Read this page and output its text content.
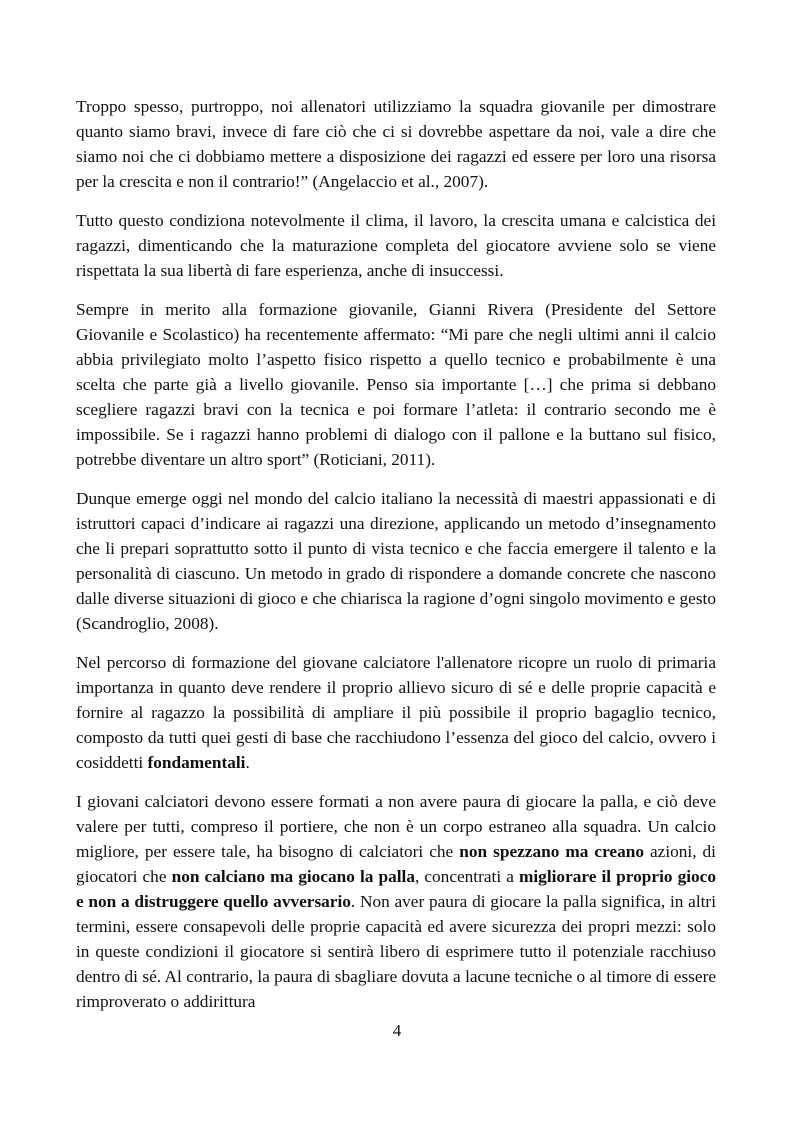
Troppo spesso, purtroppo, noi allenatori utilizziamo la squadra giovanile per dimostrare quanto siamo bravi, invece di fare ciò che ci si dovrebbe aspettare da noi, vale a dire che siamo noi che ci dobbiamo mettere a disposizione dei ragazzi ed essere per loro una risorsa per la crescita e non il contrario!” (Angelaccio et al., 2007).

Tutto questo condiziona notevolmente il clima, il lavoro, la crescita umana e calcistica dei ragazzi, dimenticando che la maturazione completa del giocatore avviene solo se viene rispettata la sua libertà di fare esperienza, anche di insuccessi.

Sempre in merito alla formazione giovanile, Gianni Rivera (Presidente del Settore Giovanile e Scolastico) ha recentemente affermato: “Mi pare che negli ultimi anni il calcio abbia privilegiato molto l’aspetto fisico rispetto a quello tecnico e probabilmente è una scelta che parte già a livello giovanile. Penso sia importante […] che prima si debbano scegliere ragazzi bravi con la tecnica e poi formare l’atleta: il contrario secondo me è impossibile. Se i ragazzi hanno problemi di dialogo con il pallone e la buttano sul fisico, potrebbe diventare un altro sport” (Roticiani, 2011).

Dunque emerge oggi nel mondo del calcio italiano la necessità di maestri appassionati e di istruttori capaci d’indicare ai ragazzi una direzione, applicando un metodo d’insegnamento che li prepari soprattutto sotto il punto di vista tecnico e che faccia emergere il talento e la personalità di ciascuno. Un metodo in grado di rispondere a domande concrete che nascono dalle diverse situazioni di gioco e che chiarisca la ragione d’ogni singolo movimento e gesto (Scandroglio, 2008).

Nel percorso di formazione del giovane calciatore l'allenatore ricopre un ruolo di primaria importanza in quanto deve rendere il proprio allievo sicuro di sé e delle proprie capacità e fornire al ragazzo la possibilità di ampliare il più possibile il proprio bagaglio tecnico, composto da tutti quei gesti di base che racchiudono l’essenza del gioco del calcio, ovvero i cosiddetti fondamentali.

I giovani calciatori devono essere formati a non avere paura di giocare la palla, e ciò deve valere per tutti, compreso il portiere, che non è un corpo estraneo alla squadra. Un calcio migliore, per essere tale, ha bisogno di calciatori che non spezzano ma creano azioni, di giocatori che non calciano ma giocano la palla, concentrati a migliorare il proprio gioco e non a distruggere quello avversario. Non aver paura di giocare la palla significa, in altri termini, essere consapevoli delle proprie capacità ed avere sicurezza dei propri mezzi: solo in queste condizioni il giocatore si sentirà libero di esprimere tutto il potenziale racchiuso dentro di sé. Al contrario, la paura di sbagliare dovuta a lacune tecniche o al timore di essere rimproverato o addirittura

4
